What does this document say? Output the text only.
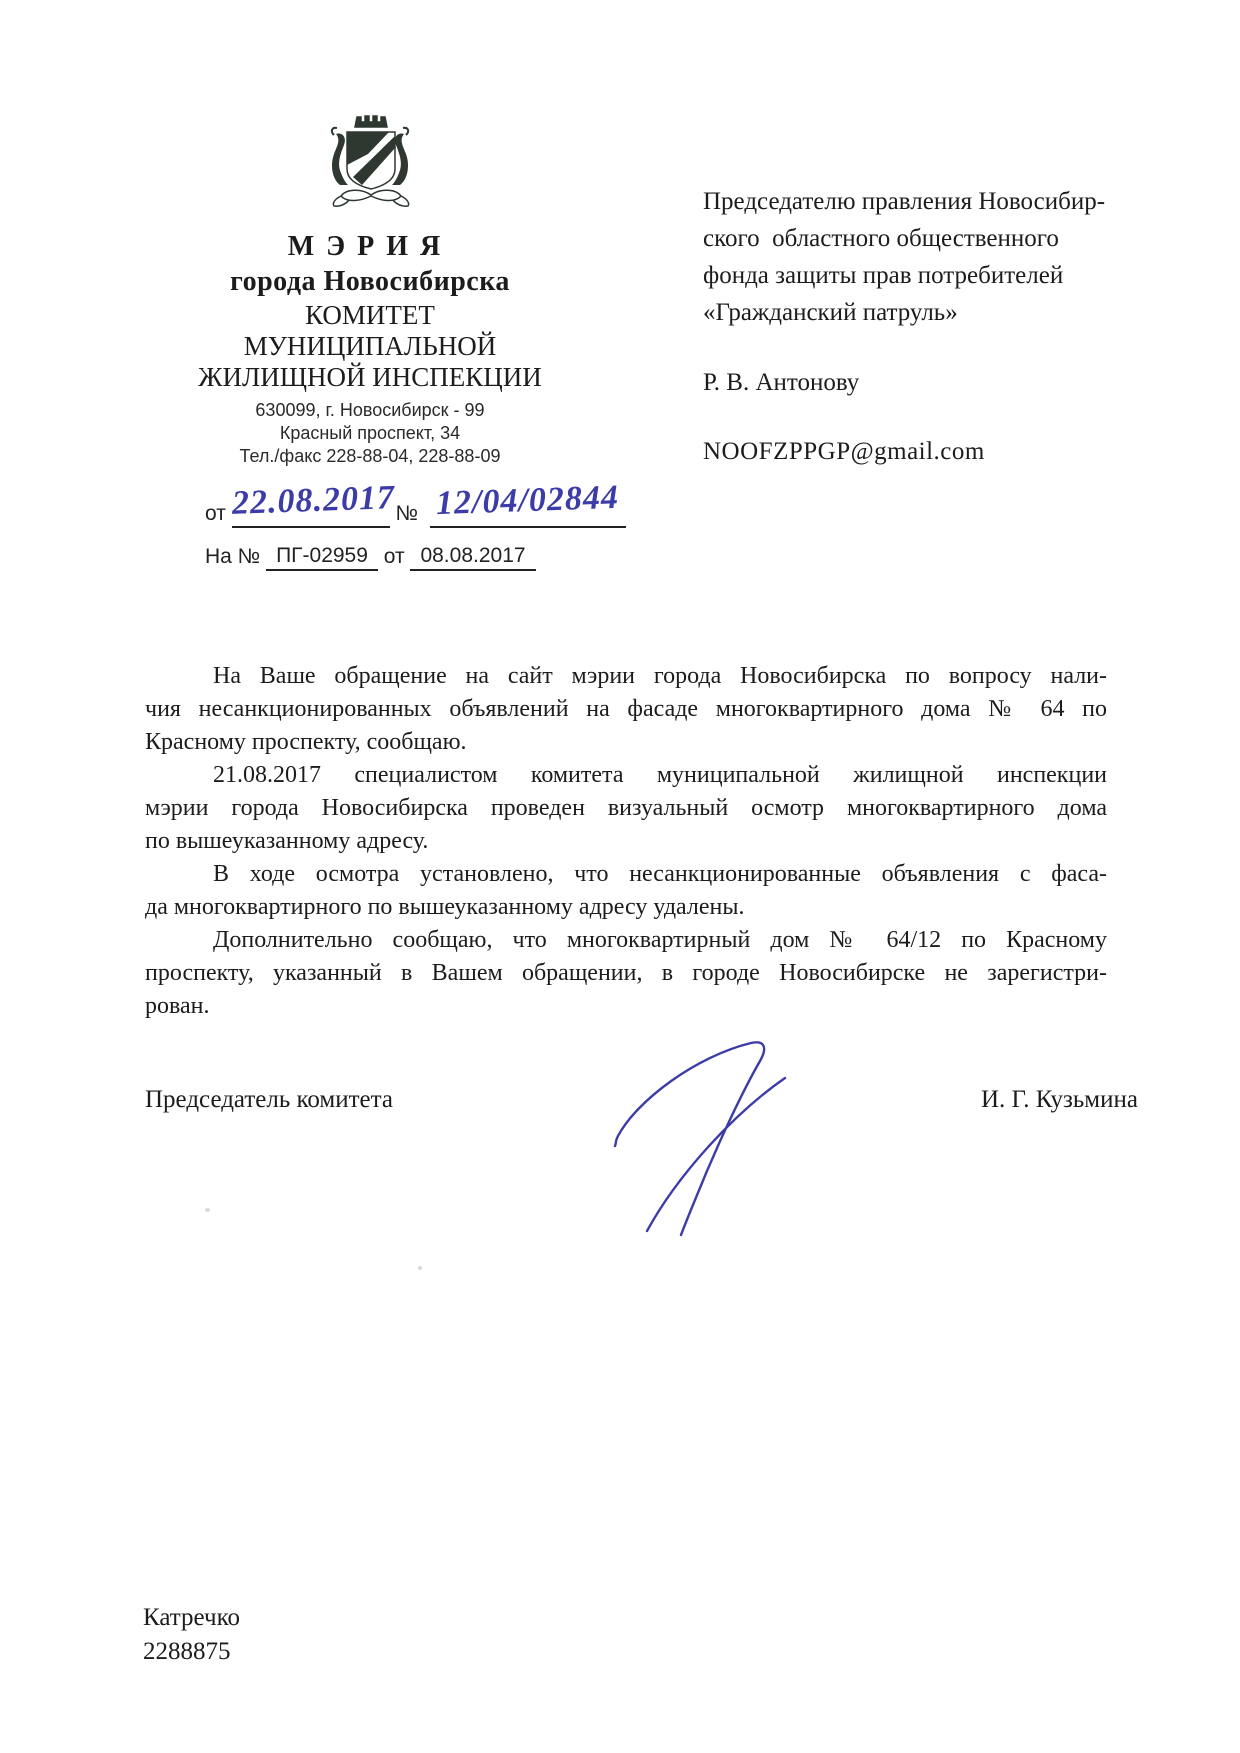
МЭРИЯ
города Новосибирска
КОМИТЕТ
МУНИЦИПАЛЬНОЙ
ЖИЛИЩНОЙ ИНСПЕКЦИИ
630099, г. Новосибирск - 99
Красный проспект, 34
Тел./факс 228-88-04, 228-88-09
от 22.08.2017 № 12/04/02844
На № ПГ-02959 от 08.08.2017
Председателю правления Новосибир-
ского  областного общественного
фонда защиты прав потребителей
«Гражданский патруль»
Р. В. Антонову
NOOFZPPGP@gmail.com
На Ваше обращение на сайт мэрии города Новосибирска по вопросу нали-
чия несанкционированных объявлений на фасаде многоквартирного дома № 64 по
Красному проспекту, сообщаю.
21.08.2017 специалистом комитета муниципальной жилищной инспекции
мэрии города Новосибирска проведен визуальный осмотр многоквартирного дома
по вышеуказанному адресу.
В ходе осмотра установлено, что несанкционированные объявления с фаса-
да многоквартирного по вышеуказанному адресу удалены.
Дополнительно сообщаю, что многоквартирный дом № 64/12 по Красному
проспекту, указанный в Вашем обращении, в городе Новосибирске не зарегистри-
рован.
Председатель комитета	И. Г. Кузьмина
Катречко
2288875
